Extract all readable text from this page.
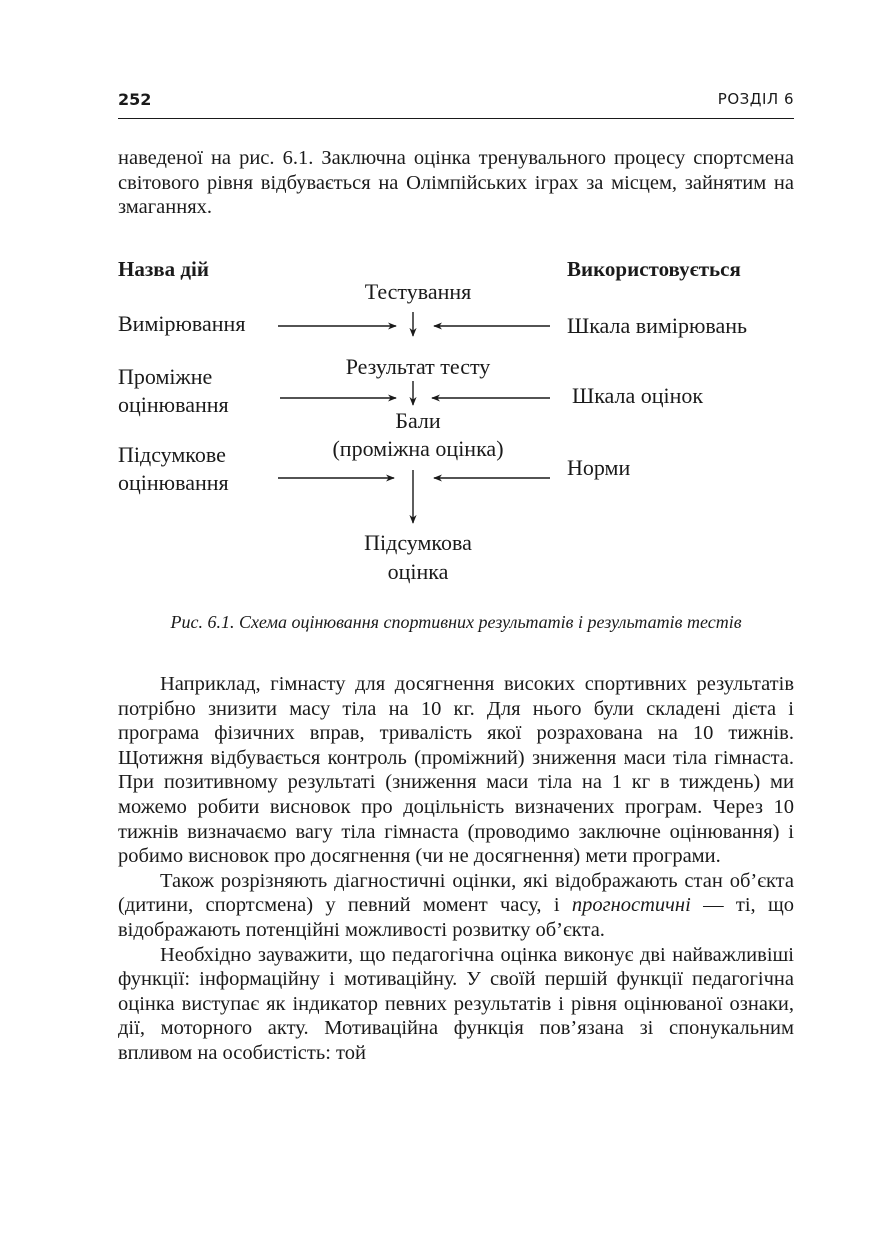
252	РОЗДІЛ 6
наведеної на рис. 6.1. Заключна оцінка тренувального процесу спортсмена світового рівня відбувається на Олімпійських іграх за місцем, зайнятим на змаганнях.
Назва дій	Використовується
Тестування
Результат тесту
Бали
(проміжна оцінка)
Підсумкова
оцінка
Вимірювання
Проміжне
оцінювання
Підсумкове
оцінювання
Шкала вимірювань
Шкала оцінок
Норми
Рис. 6.1. Схема оцінювання спортивних результатів і результатів тестів

Наприклад, гімнасту для досягнення високих спортивних результатів потрібно знизити масу тіла на 10 кг. Для нього були складені дієта і програма фізичних вправ, тривалість якої розрахована на 10 тижнів. Щотижня відбувається контроль (проміжний) зниження маси тіла гімнаста. При позитивному результаті (зниження маси тіла на 1 кг в тиждень) ми можемо робити висновок про доцільність визначених програм. Через 10 тижнів визначаємо вагу тіла гімнаста (проводимо заключне оцінювання) і робимо висновок про досягнення (чи не досягнення) мети програми.

Також розрізняють діагностичні оцінки, які відображають стан об’єкта (дитини, спортсмена) у певний момент часу, і прогностичні — ті, що відображають потенційні можливості розвитку об’єкта.

Необхідно зауважити, що педагогічна оцінка виконує дві найважливіші функції: інформаційну і мотиваційну. У своїй першій функції педагогічна оцінка виступає як індикатор певних результатів і рівня оцінюваної ознаки, дії, моторного акту. Мотиваційна функція пов’язана зі спонукальним впливом на особистість: той
